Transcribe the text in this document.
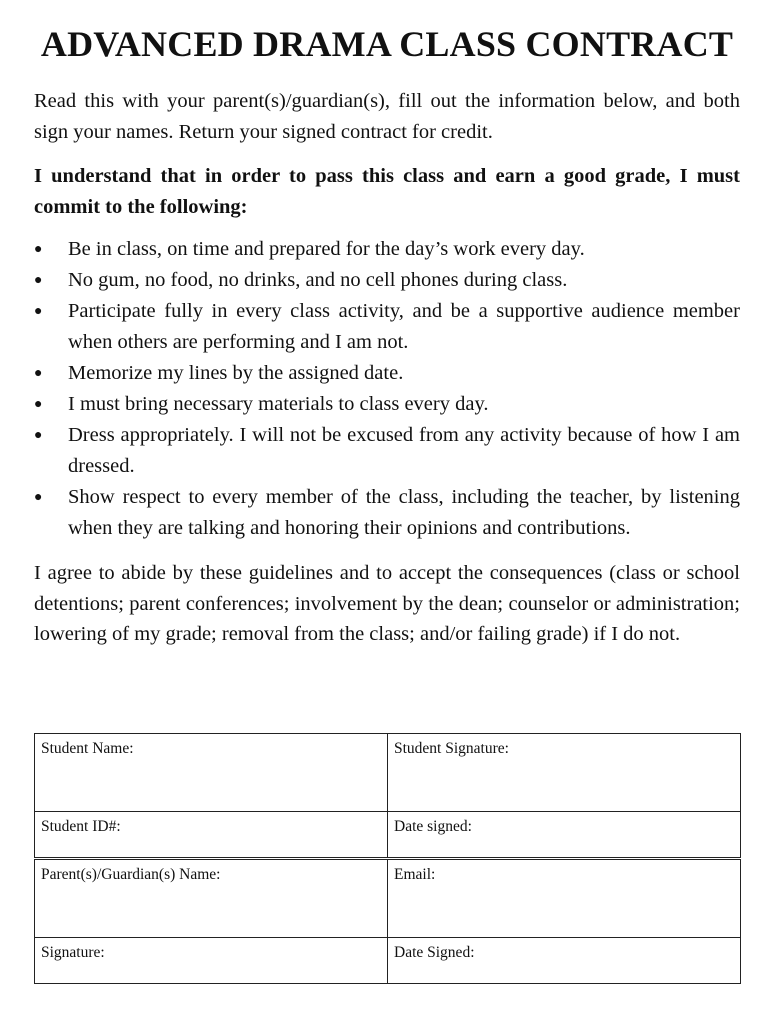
ADVANCED DRAMA CLASS CONTRACT

Read this with your parent(s)/guardian(s), fill out the information below, and both sign your names. Return your signed contract for credit.

I understand that in order to pass this class and earn a good grade, I must commit to the following:

● Be in class, on time and prepared for the day’s work every day.
● No gum, no food, no drinks, and no cell phones during class.
● Participate fully in every class activity, and be a supportive audience member when others are performing and I am not.
● Memorize my lines by the assigned date.
● I must bring necessary materials to class every day.
● Dress appropriately. I will not be excused from any activity because of how I am dressed.
● Show respect to every member of the class, including the teacher, by listening when they are talking and honoring their opinions and contributions.

I agree to abide by these guidelines and to accept the consequences (class or school detentions; parent conferences; involvement by the dean; counselor or administration; lowering of my grade; removal from the class; and/or failing grade) if I do not.

Student Name:	Student Signature:
Student ID#:	Date signed:
Parent(s)/Guardian(s) Name:	Email:
Signature:	Date Signed:
